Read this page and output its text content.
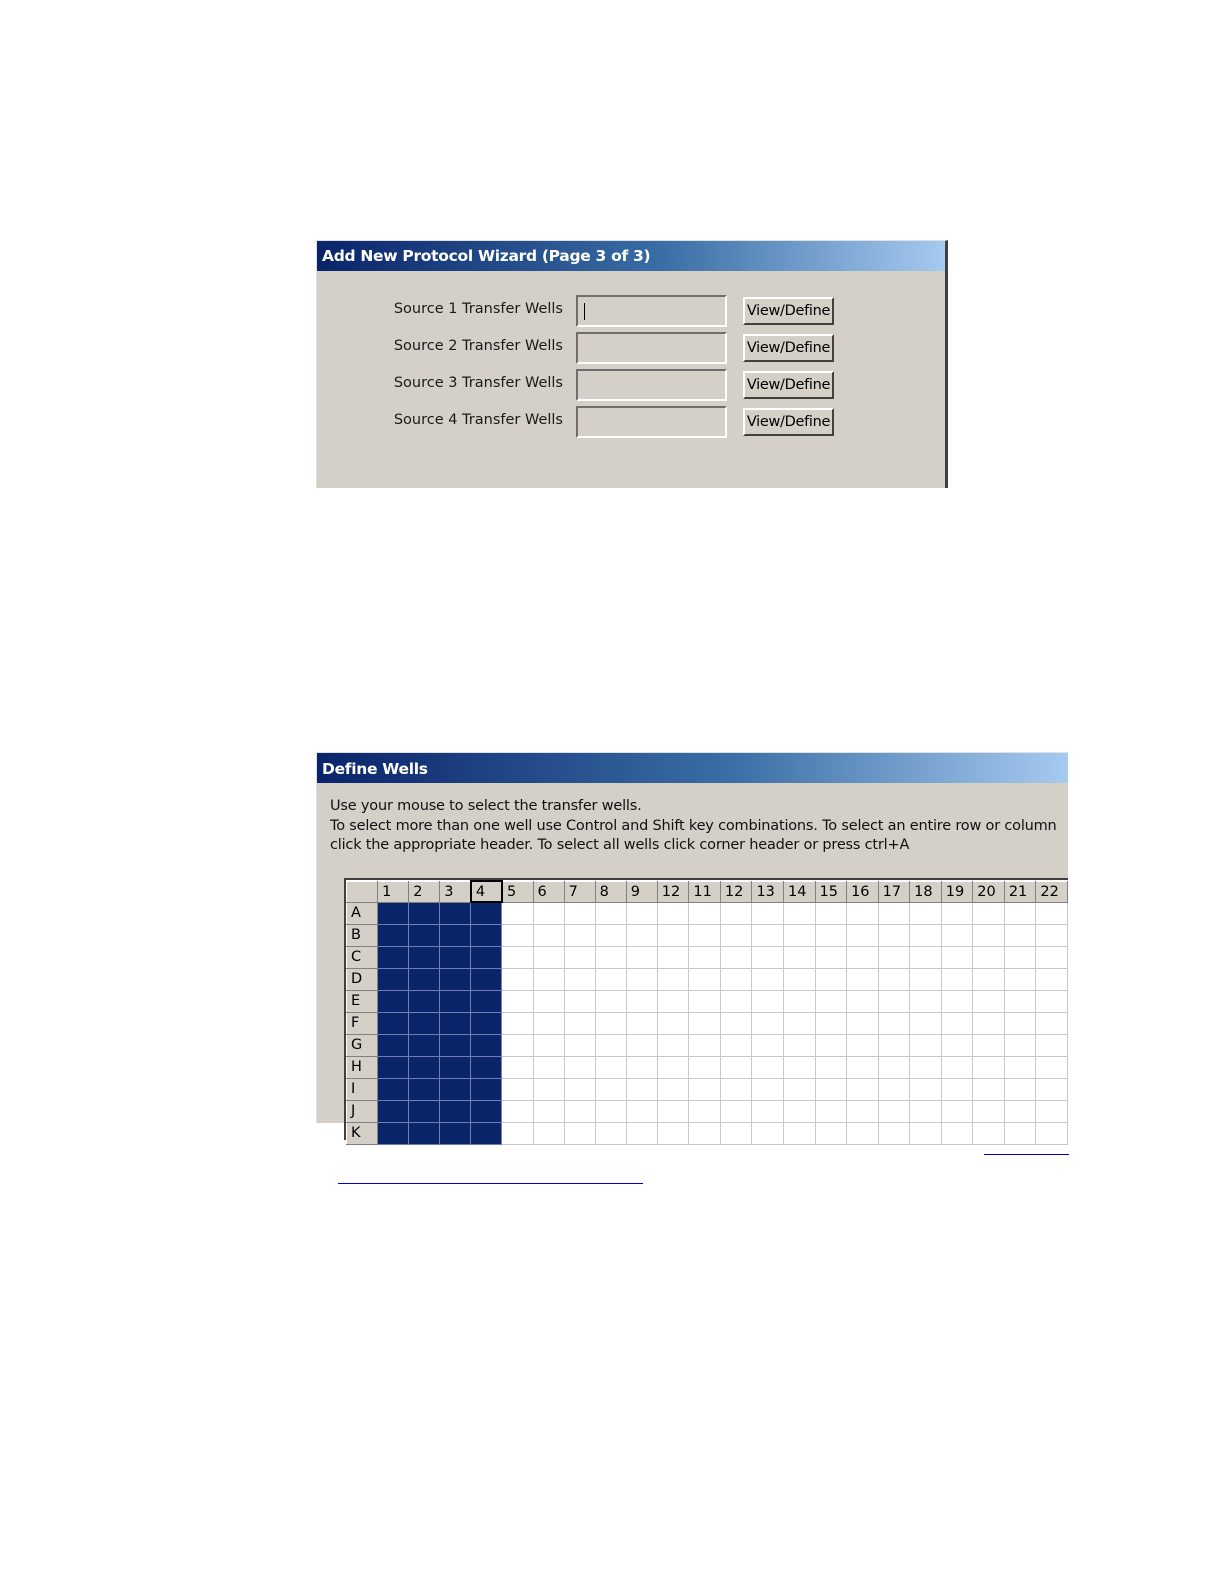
Add New Protocol Wizard (Page 3 of 3)
Source 1 Transfer Wells	View/Define
Source 2 Transfer Wells	View/Define
Source 3 Transfer Wells	View/Define
Source 4 Transfer Wells	View/Define
Define Wells

Use your mouse to select the transfer wells.

To select more than one well use Control and Shift key combinations. To select an entire row or column

click the appropriate header. To select all wells click corner header or press ctrl+A

	1	2	3	4	5	6	7	8	9	12	11	12	13	14	15	16	17	18	19	20	21	22
A																						
B																						
C																						
D																						
E																						
F																						
G																						
H																						
I																						
J																						
K																						
